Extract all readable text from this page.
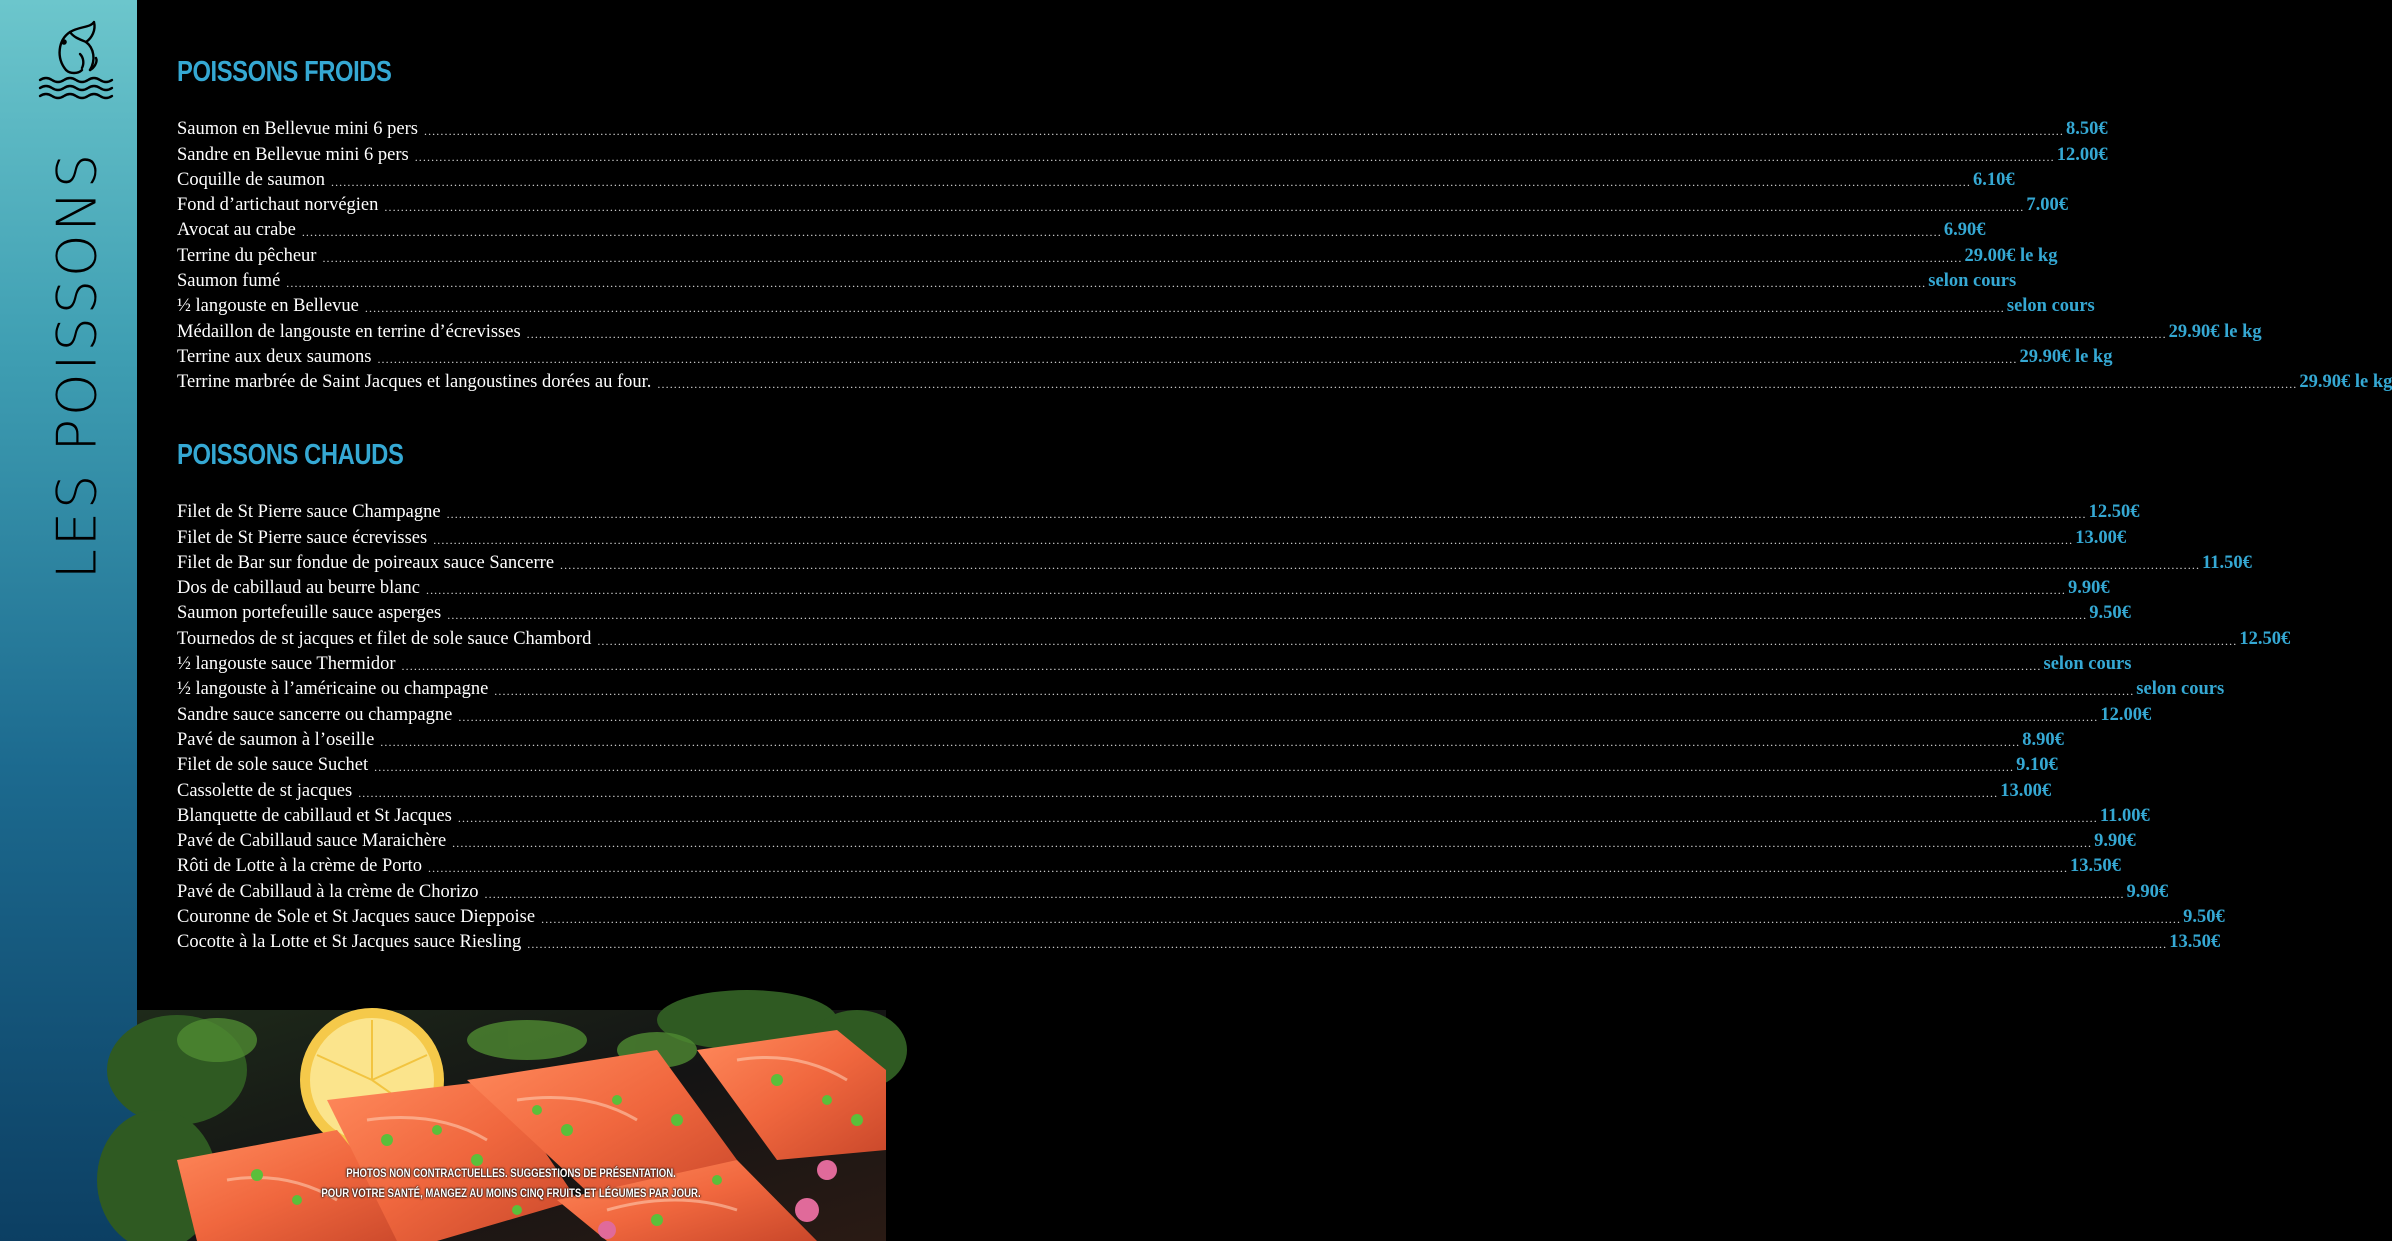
LES POISSONS
POISSONS FROIDS
Saumon en Bellevue mini 6 pers ................................................................................................................................................................................................................................................................................................................................................................................................................ 8.50€
Sandre en Bellevue mini 6 pers ................................................................................................................................................................................................................................................................................................................................................................................................................ 12.00€
Coquille de saumon ................................................................................................................................................................................................................................................................................................................................................................................................................ 6.10€
Fond d’artichaut norvégien ................................................................................................................................................................................................................................................................................................................................................................................................................ 7.00€
Avocat au crabe ................................................................................................................................................................................................................................................................................................................................................................................................................ 6.90€
Terrine du pêcheur ................................................................................................................................................................................................................................................................................................................................................................................................................ 29.00€ le kg
Saumon fumé ................................................................................................................................................................................................................................................................................................................................................................................................................ selon cours
½ langouste en Bellevue ................................................................................................................................................................................................................................................................................................................................................................................................................ selon cours
Médaillon de langouste en terrine d’écrevisses ................................................................................................................................................................................................................................................................................................................................................................................................................ 29.90€ le kg
Terrine aux deux saumons ................................................................................................................................................................................................................................................................................................................................................................................................................ 29.90€ le kg
Terrine marbrée de Saint Jacques et langoustines dorées au four. ................................................................................................................................................................................................................................................................................................................................................................................................................ 29.90€ le kg
POISSONS CHAUDS
Filet de St Pierre sauce Champagne ................................................................................................................................................................................................................................................................................................................................................................................................................ 12.50€
Filet de St Pierre sauce écrevisses ................................................................................................................................................................................................................................................................................................................................................................................................................ 13.00€
Filet de Bar sur fondue de poireaux sauce Sancerre ................................................................................................................................................................................................................................................................................................................................................................................................................ 11.50€
Dos de cabillaud au beurre blanc ................................................................................................................................................................................................................................................................................................................................................................................................................ 9.90€
Saumon portefeuille sauce asperges ................................................................................................................................................................................................................................................................................................................................................................................................................ 9.50€
Tournedos de st jacques et filet de sole sauce Chambord ................................................................................................................................................................................................................................................................................................................................................................................................................ 12.50€
½ langouste sauce Thermidor ................................................................................................................................................................................................................................................................................................................................................................................................................ selon cours
½ langouste à l’américaine ou champagne ................................................................................................................................................................................................................................................................................................................................................................................................................ selon cours
Sandre sauce sancerre ou champagne ................................................................................................................................................................................................................................................................................................................................................................................................................ 12.00€
Pavé de saumon à l’oseille ................................................................................................................................................................................................................................................................................................................................................................................................................ 8.90€
Filet de sole sauce Suchet ................................................................................................................................................................................................................................................................................................................................................................................................................ 9.10€
Cassolette de st jacques ................................................................................................................................................................................................................................................................................................................................................................................................................ 13.00€
Blanquette de cabillaud et St Jacques ................................................................................................................................................................................................................................................................................................................................................................................................................ 11.00€
Pavé de Cabillaud sauce Maraichère ................................................................................................................................................................................................................................................................................................................................................................................................................ 9.90€
Rôti de Lotte à la crème de Porto ................................................................................................................................................................................................................................................................................................................................................................................................................ 13.50€
Pavé de Cabillaud à la crème de Chorizo ................................................................................................................................................................................................................................................................................................................................................................................................................ 9.90€
Couronne de Sole et St Jacques sauce Dieppoise ................................................................................................................................................................................................................................................................................................................................................................................................................ 9.50€
Cocotte à la Lotte et St Jacques sauce Riesling ................................................................................................................................................................................................................................................................................................................................................................................................................ 13.50€
PHOTOS NON CONTRACTUELLES. SUGGESTIONS DE PRÉSENTATION.
POUR VOTRE SANTÉ, MANGEZ AU MOINS CINQ FRUITS ET LÉGUMES PAR JOUR.
